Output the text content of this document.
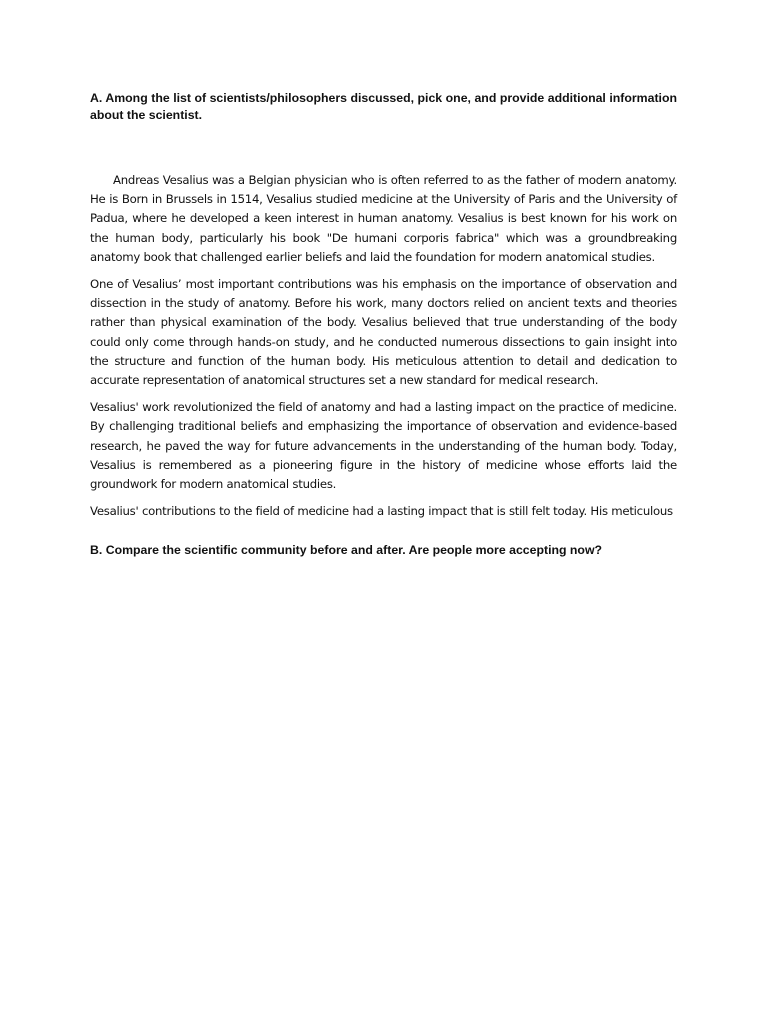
A. Among the list of scientists/philosophers discussed, pick one, and provide additional information about the scientist.

Andreas Vesalius was a Belgian physician who is often referred to as the father of modern anatomy. He is Born in Brussels in 1514, Vesalius studied medicine at the University of Paris and the University of Padua, where he developed a keen interest in human anatomy. Vesalius is best known for his work on the human body, particularly his book "De humani corporis fabrica" which was a groundbreaking anatomy book that challenged earlier beliefs and laid the foundation for modern anatomical studies.

One of Vesalius’ most important contributions was his emphasis on the importance of observation and dissection in the study of anatomy. Before his work, many doctors relied on ancient texts and theories rather than physical examination of the body. Vesalius believed that true understanding of the body could only come through hands-on study, and he conducted numerous dissections to gain insight into the structure and function of the human body. His meticulous attention to detail and dedication to accurate representation of anatomical structures set a new standard for medical research.

Vesalius' work revolutionized the field of anatomy and had a lasting impact on the practice of medicine. By challenging traditional beliefs and emphasizing the importance of observation and evidence-based research, he paved the way for future advancements in the understanding of the human body. Today, Vesalius is remembered as a pioneering figure in the history of medicine whose efforts laid the groundwork for modern anatomical studies.

Vesalius' contributions to the field of medicine had a lasting impact that is still felt today. His meticulous

B. Compare the scientific community before and after. Are people more accepting now?
